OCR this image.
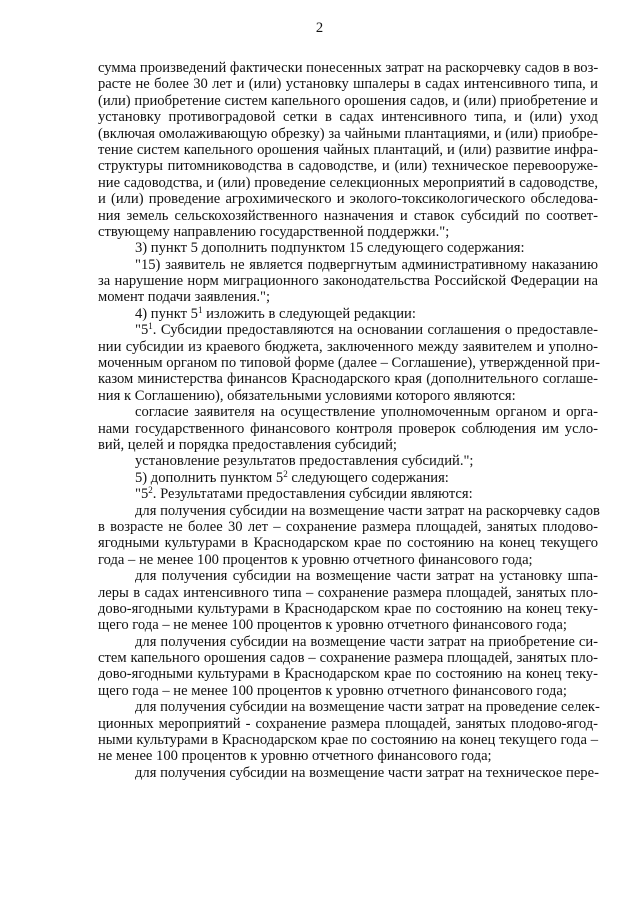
2
сумма произведений фактически понесенных затрат на раскорчевку садов в воз-
расте не более 30 лет и (или) установку шпалеры в садах интенсивного типа, и
(или) приобретение систем капельного орошения садов, и (или) приобретение и
установку противоградовой сетки в садах интенсивного типа, и (или) уход
(включая омолаживающую обрезку) за чайными плантациями, и (или) приобре-
тение систем капельного орошения чайных плантаций, и (или) развитие инфра-
структуры питомниководства в садоводстве, и (или) техническое перевооруже-
ние садоводства, и (или) проведение селекционных мероприятий в садоводстве,
и (или) проведение агрохимического и эколого-токсикологического обследова-
ния земель сельскохозяйственного назначения и ставок субсидий по соответ-
ствующему направлению государственной поддержки.";
3) пункт 5 дополнить подпунктом 15 следующего содержания:
"15) заявитель не является подвергнутым административному наказанию
за нарушение норм миграционного законодательства Российской Федерации на
момент подачи заявления.";
4) пункт $5^1$ изложить в следующей редакции:
"$5^1$. Субсидии предоставляются на основании соглашения о предоставле-
нии субсидии из краевого бюджета, заключенного между заявителем и уполно-
моченным органом по типовой форме (далее – Соглашение), утвержденной при-
казом министерства финансов Краснодарского края (дополнительного соглаше-
ния к Соглашению), обязательными условиями которого являются:
согласие заявителя на осуществление уполномоченным органом и орга-
нами государственного финансового контроля проверок соблюдения им усло-
вий, целей и порядка предоставления субсидий;
установление результатов предоставления субсидий.";
5) дополнить пунктом $5^2$ следующего содержания:
"$5^2$. Результатами предоставления субсидии являются:
для получения субсидии на возмещение части затрат на раскорчевку садов
в возрасте не более 30 лет – сохранение размера площадей, занятых плодово-
ягодными культурами в Краснодарском крае по состоянию на конец текущего
года – не менее 100 процентов к уровню отчетного финансового года;
для получения субсидии на возмещение части затрат на установку шпа-
леры в садах интенсивного типа – сохранение размера площадей, занятых пло-
дово-ягодными культурами в Краснодарском крае по состоянию на конец теку-
щего года – не менее 100 процентов к уровню отчетного финансового года;
для получения субсидии на возмещение части затрат на приобретение си-
стем капельного орошения садов – сохранение размера площадей, занятых пло-
дово-ягодными культурами в Краснодарском крае по состоянию на конец теку-
щего года – не менее 100 процентов к уровню отчетного финансового года;
для получения субсидии на возмещение части затрат на проведение селек-
ционных мероприятий - сохранение размера площадей, занятых плодово-ягод-
ными культурами в Краснодарском крае по состоянию на конец текущего года –
не менее 100 процентов к уровню отчетного финансового года;
для получения субсидии на возмещение части затрат на техническое пере-
